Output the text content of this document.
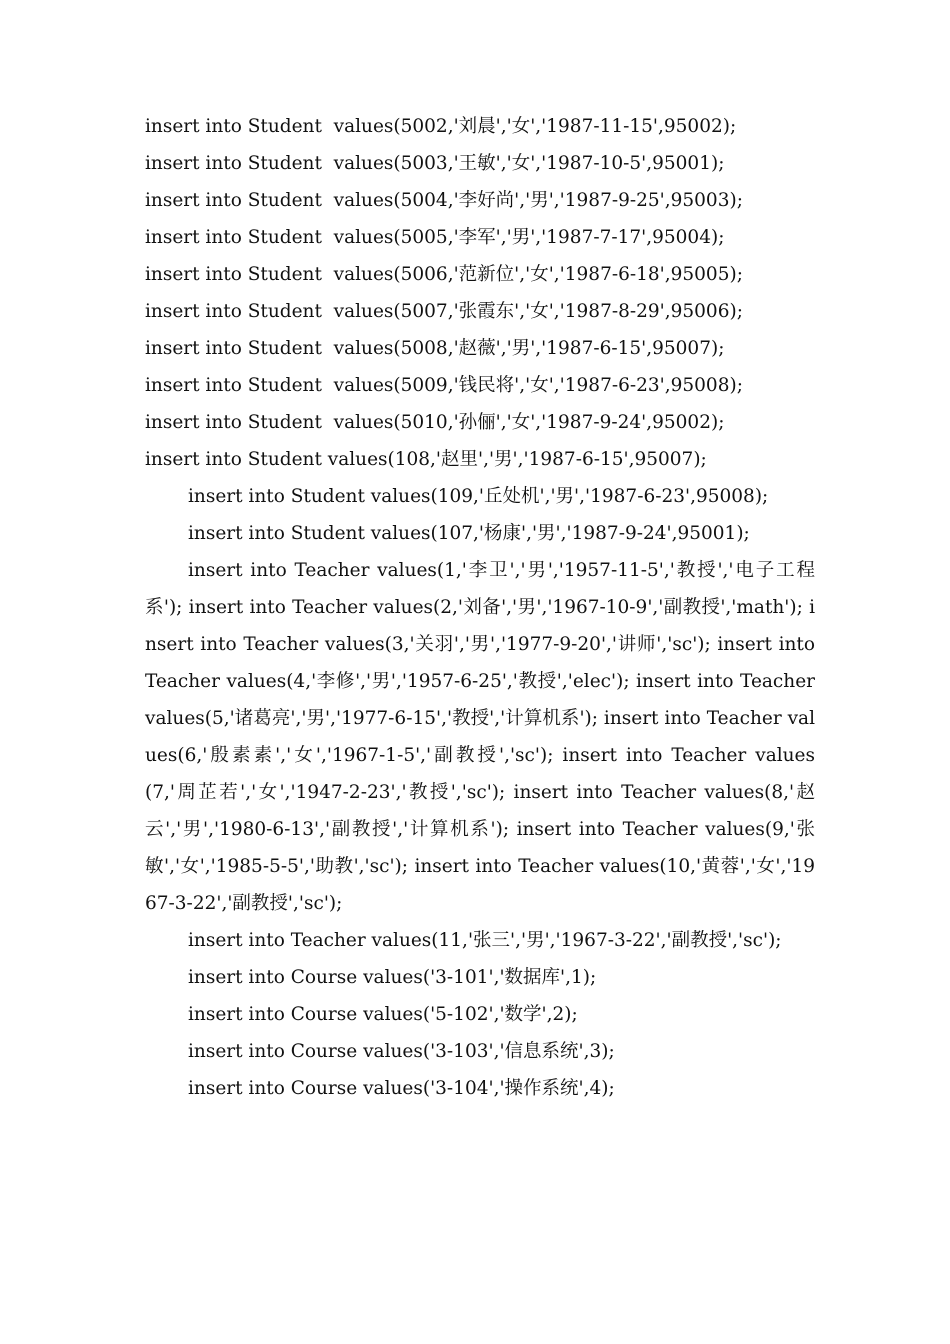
insert into Student  values(5002,'刘晨','女','1987-11-15',95002);
insert into Student  values(5003,'王敏','女','1987-10-5',95001);
insert into Student  values(5004,'李好尚','男','1987-9-25',95003);
insert into Student  values(5005,'李军','男','1987-7-17',95004);
insert into Student  values(5006,'范新位','女','1987-6-18',95005);
insert into Student  values(5007,'张霞东','女','1987-8-29',95006);
insert into Student  values(5008,'赵薇','男','1987-6-15',95007);
insert into Student  values(5009,'钱民将','女','1987-6-23',95008);
insert into Student  values(5010,'孙俪','女','1987-9-24',95002);
insert into Student values(108,'赵里','男','1987-6-15',95007);

insert into Student values(109,'丘处机','男','1987-6-23',95008);

insert into Student values(107,'杨康','男','1987-9-24',95001);

insert into Teacher values(1,'李卫','男','1957-11-5','教授','电子工程系'); insert into Teacher values(2,'刘备','男','1967-10-9','副教授','math'); insert into Teacher values(3,'关羽','男','1977-9-20','讲师','sc'); insert into Teacher values(4,'李修','男','1957-6-25','教授','elec'); insert into Teacher values(5,'诸葛亮','男','1977-6-15','教授','计算机系'); insert into Teacher values(6,'殷素素','女','1967-1-5','副教授','sc'); insert into Teacher values(7,'周芷若','女','1947-2-23','教授','sc'); insert into Teacher values(8,'赵云','男','1980-6-13','副教授','计算机系'); insert into Teacher values(9,'张敏','女','1985-5-5','助教','sc'); insert into Teacher values(10,'黄蓉','女','1967-3-22','副教授','sc');

insert into Teacher values(11,'张三','男','1967-3-22','副教授','sc');

insert into Course values('3-101','数据库',1);
insert into Course values('5-102','数学',2);
insert into Course values('3-103','信息系统',3);
insert into Course values('3-104','操作系统',4);
